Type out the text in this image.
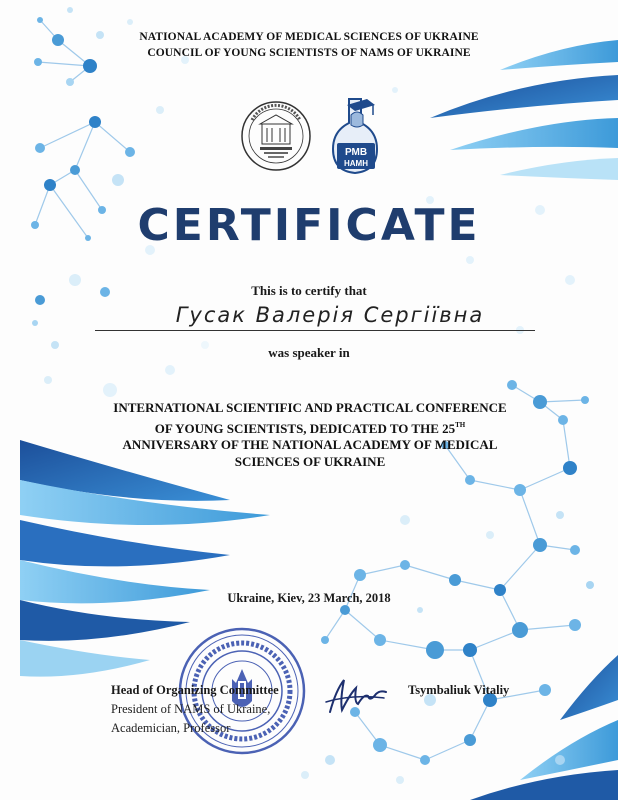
NATIONAL ACADEMY OF MEDICAL SCIENCES OF UKRAINE
COUNCIL OF YOUNG SCIENTISTS OF NAMS OF UKRAINE
РМВ
НАМН
CERTIFICATE
This is to certify that
Гусак Валерія Сергіївна
was speaker in
INTERNATIONAL SCIENTIFIC AND PRACTICAL CONFERENCE
OF YOUNG SCIENTISTS, DEDICATED TO THE 25TH
ANNIVERSARY OF THE NATIONAL ACADEMY OF MEDICAL
SCIENCES OF UKRAINE
Ukraine, Kiev, 23 March, 2018
Head of Organizing Committee
President of NAMS of Ukraine,
Academician, Professor
Tsymbaliuk Vitaliy
